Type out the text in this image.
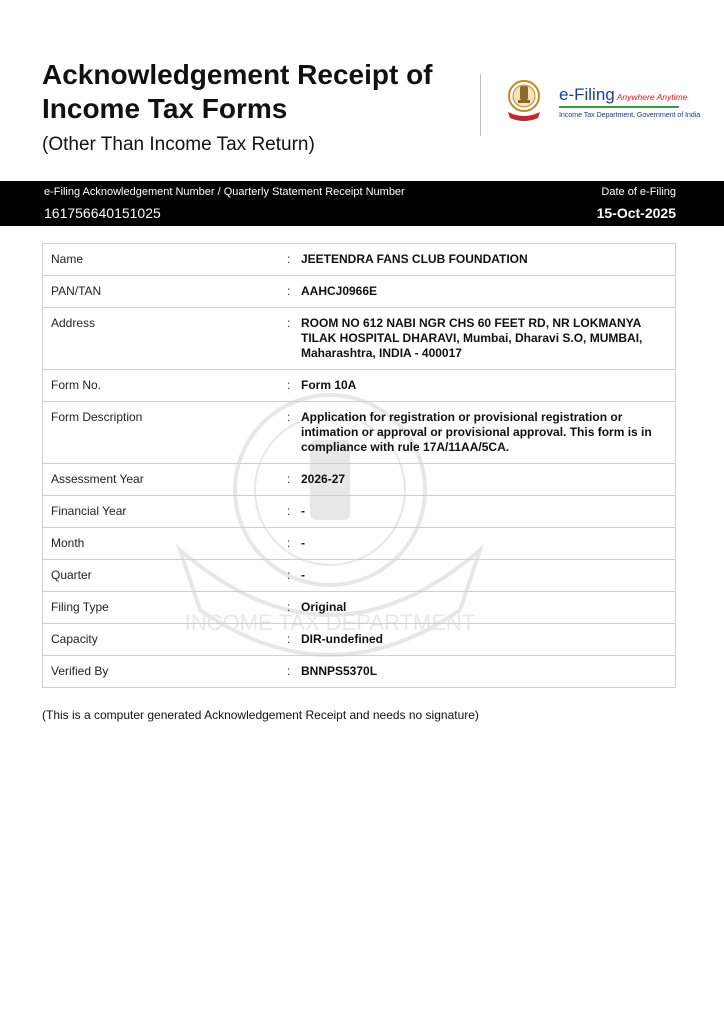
Acknowledgement Receipt of Income Tax Forms
(Other Than Income Tax Return)
e-Filing Anywhere Anytime
Income Tax Department, Government of India
e-Filing Acknowledgement Number / Quarterly Statement Receipt Number
161756640151025
Date of e-Filing
15-Oct-2025
INCOME TAX DEPARTMENT
Name	:	JEETENDRA FANS CLUB FOUNDATION
PAN/TAN	:	AAHCJ0966E
Address	:	ROOM NO 612 NABI NGR CHS 60 FEET RD, NR LOKMANYA TILAK HOSPITAL DHARAVI, Mumbai, Dharavi S.O, MUMBAI, Maharashtra, INDIA - 400017
Form No.	:	Form 10A
Form Description	:	Application for registration or provisional registration or intimation or approval or provisional approval. This form is in compliance with rule 17A/11AA/5CA.
Assessment Year	:	2026-27
Financial Year	:	-
Month	:	-
Quarter	:	-
Filing Type	:	Original
Capacity	:	DIR-undefined
Verified By	:	BNNPS5370L
(This is a computer generated Acknowledgement Receipt and needs no signature)
